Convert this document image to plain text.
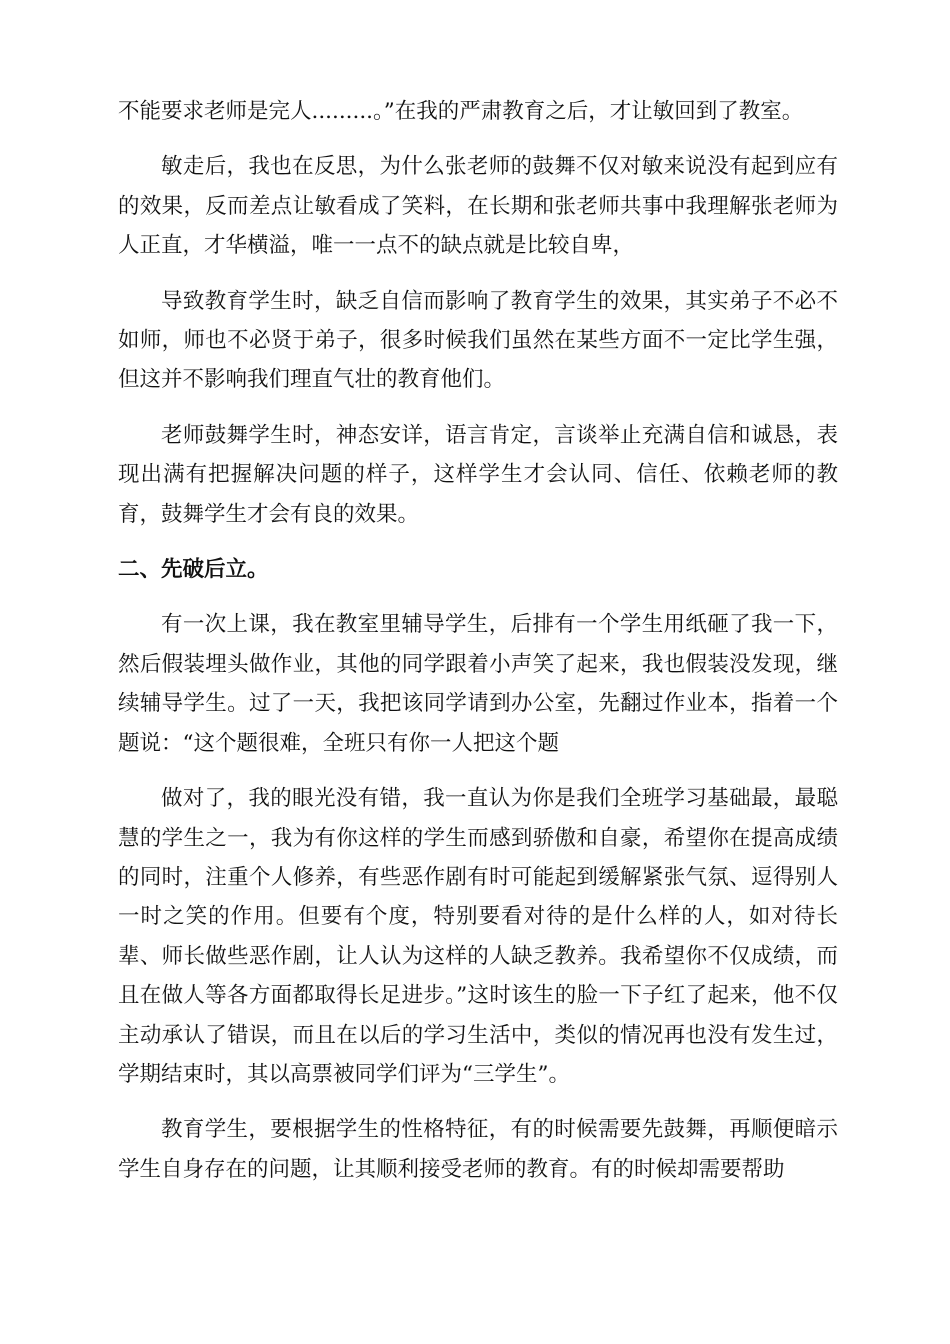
不能要求老师是完人.........。”在我的严肃教育之后，才让敏回到了教室。

敏走后，我也在反思，为什么张老师的鼓舞不仅对敏来说没有起到应有的效果，反而差点让敏看成了笑料，在长期和张老师共事中我理解张老师为人正直，才华横溢，唯一一点不的缺点就是比较自卑，

导致教育学生时，缺乏自信而影响了教育学生的效果，其实弟子不必不如师，师也不必贤于弟子，很多时候我们虽然在某些方面不一定比学生强，但这并不影响我们理直气壮的教育他们。

老师鼓舞学生时，神态安详，语言肯定，言谈举止充满自信和诚恳，表现出满有把握解决问题的样子，这样学生才会认同、信任、依赖老师的教育，鼓舞学生才会有良的效果。

二、先破后立。

有一次上课，我在教室里辅导学生，后排有一个学生用纸砸了我一下，然后假装埋头做作业，其他的同学跟着小声笑了起来，我也假装没发现，继续辅导学生。过了一天，我把该同学请到办公室，先翻过作业本，指着一个题说：“这个题很难，全班只有你一人把这个题

做对了，我的眼光没有错，我一直认为你是我们全班学习基础最，最聪慧的学生之一，我为有你这样的学生而感到骄傲和自豪，希望你在提高成绩的同时，注重个人修养，有些恶作剧有时可能起到缓解紧张气氛、逗得别人一时之笑的作用。但要有个度，特别要看对待的是什么样的人，如对待长辈、师长做些恶作剧，让人认为这样的人缺乏教养。我希望你不仅成绩，而且在做人等各方面都取得长足进步。”这时该生的脸一下子红了起来，他不仅主动承认了错误，而且在以后的学习生活中，类似的情况再也没有发生过，学期结束时，其以高票被同学们评为“三学生”。

教育学生，要根据学生的性格特征，有的时候需要先鼓舞，再顺便暗示学生自身存在的问题，让其顺利接受老师的教育。有的时候却需要帮助
